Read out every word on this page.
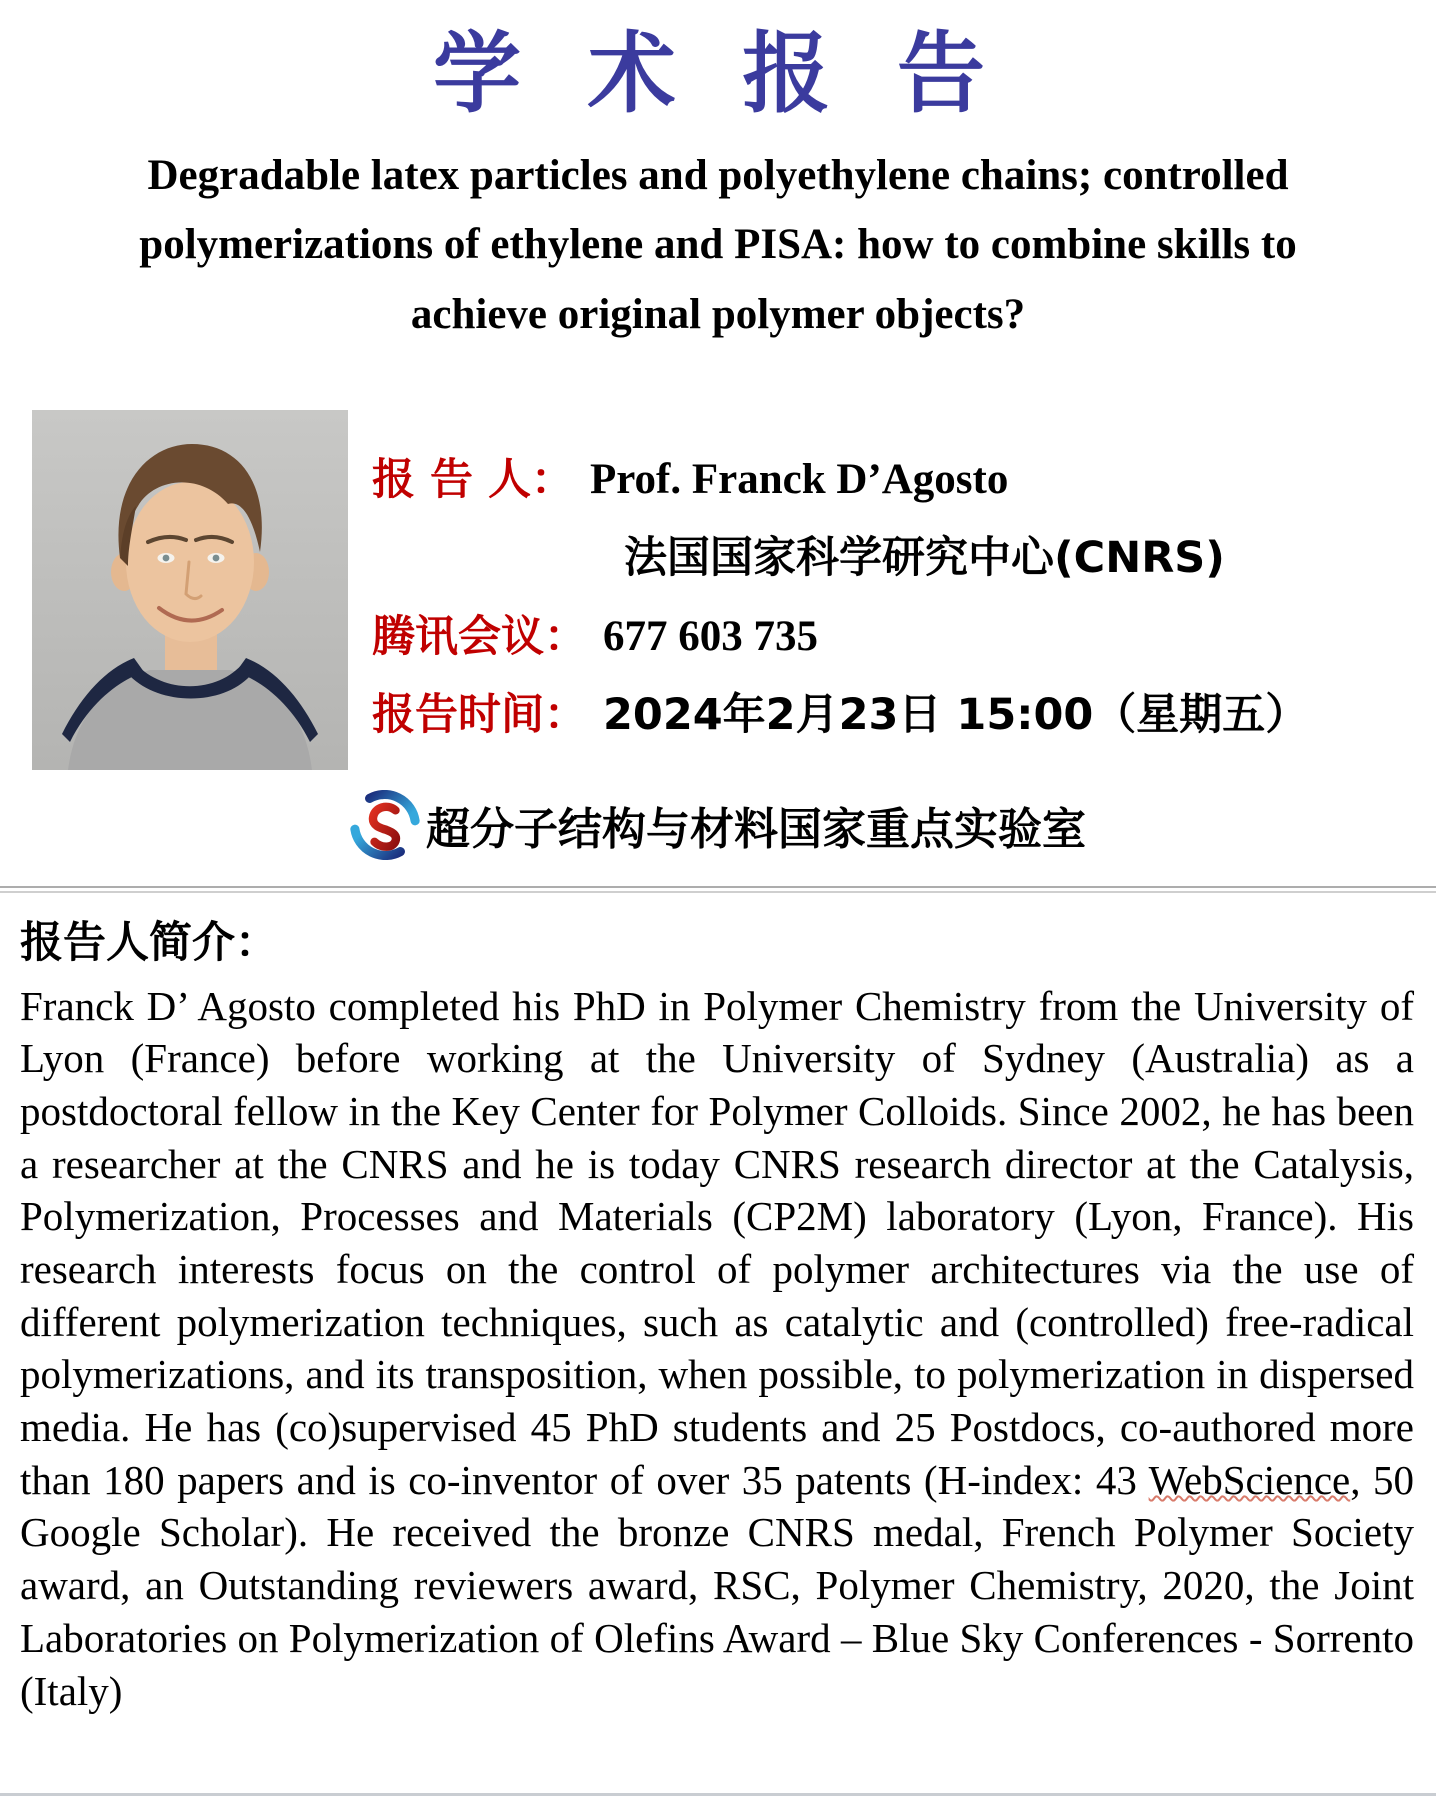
学 术 报 告
Degradable latex particles and polyethylene chains; controlled polymerizations of ethylene and PISA: how to combine skills to achieve original polymer objects?
报 告 人： Prof. Franck D’Agosto
法国国家科学研究中心(CNRS)
腾讯会议： 677 603 735
报告时间： 2024年2月23日 15:00（星期五）
超分子结构与材料国家重点实验室
报告人简介：

Franck D’ Agosto completed his PhD in Polymer Chemistry from the University of Lyon (France) before working at the University of Sydney (Australia) as a postdoctoral fellow in the Key Center for Polymer Colloids. Since 2002, he has been a researcher at the CNRS and he is today CNRS research director at the Catalysis, Polymerization, Processes and Materials (CP2M) laboratory (Lyon, France). His research interests focus on the control of polymer architectures via the use of different polymerization techniques, such as catalytic and (controlled) free-radical polymerizations, and its transposition, when possible, to polymerization in dispersed media. He has (co)supervised 45 PhD students and 25 Postdocs, co-authored more than 180 papers and is co-inventor of over 35 patents (H-index: 43 WebScience, 50 Google Scholar). He received the bronze CNRS medal, French Polymer Society award, an Outstanding reviewers award, RSC, Polymer Chemistry, 2020, the Joint Laboratories on Polymerization of Olefins Award – Blue Sky Conferences - Sorrento (Italy)
